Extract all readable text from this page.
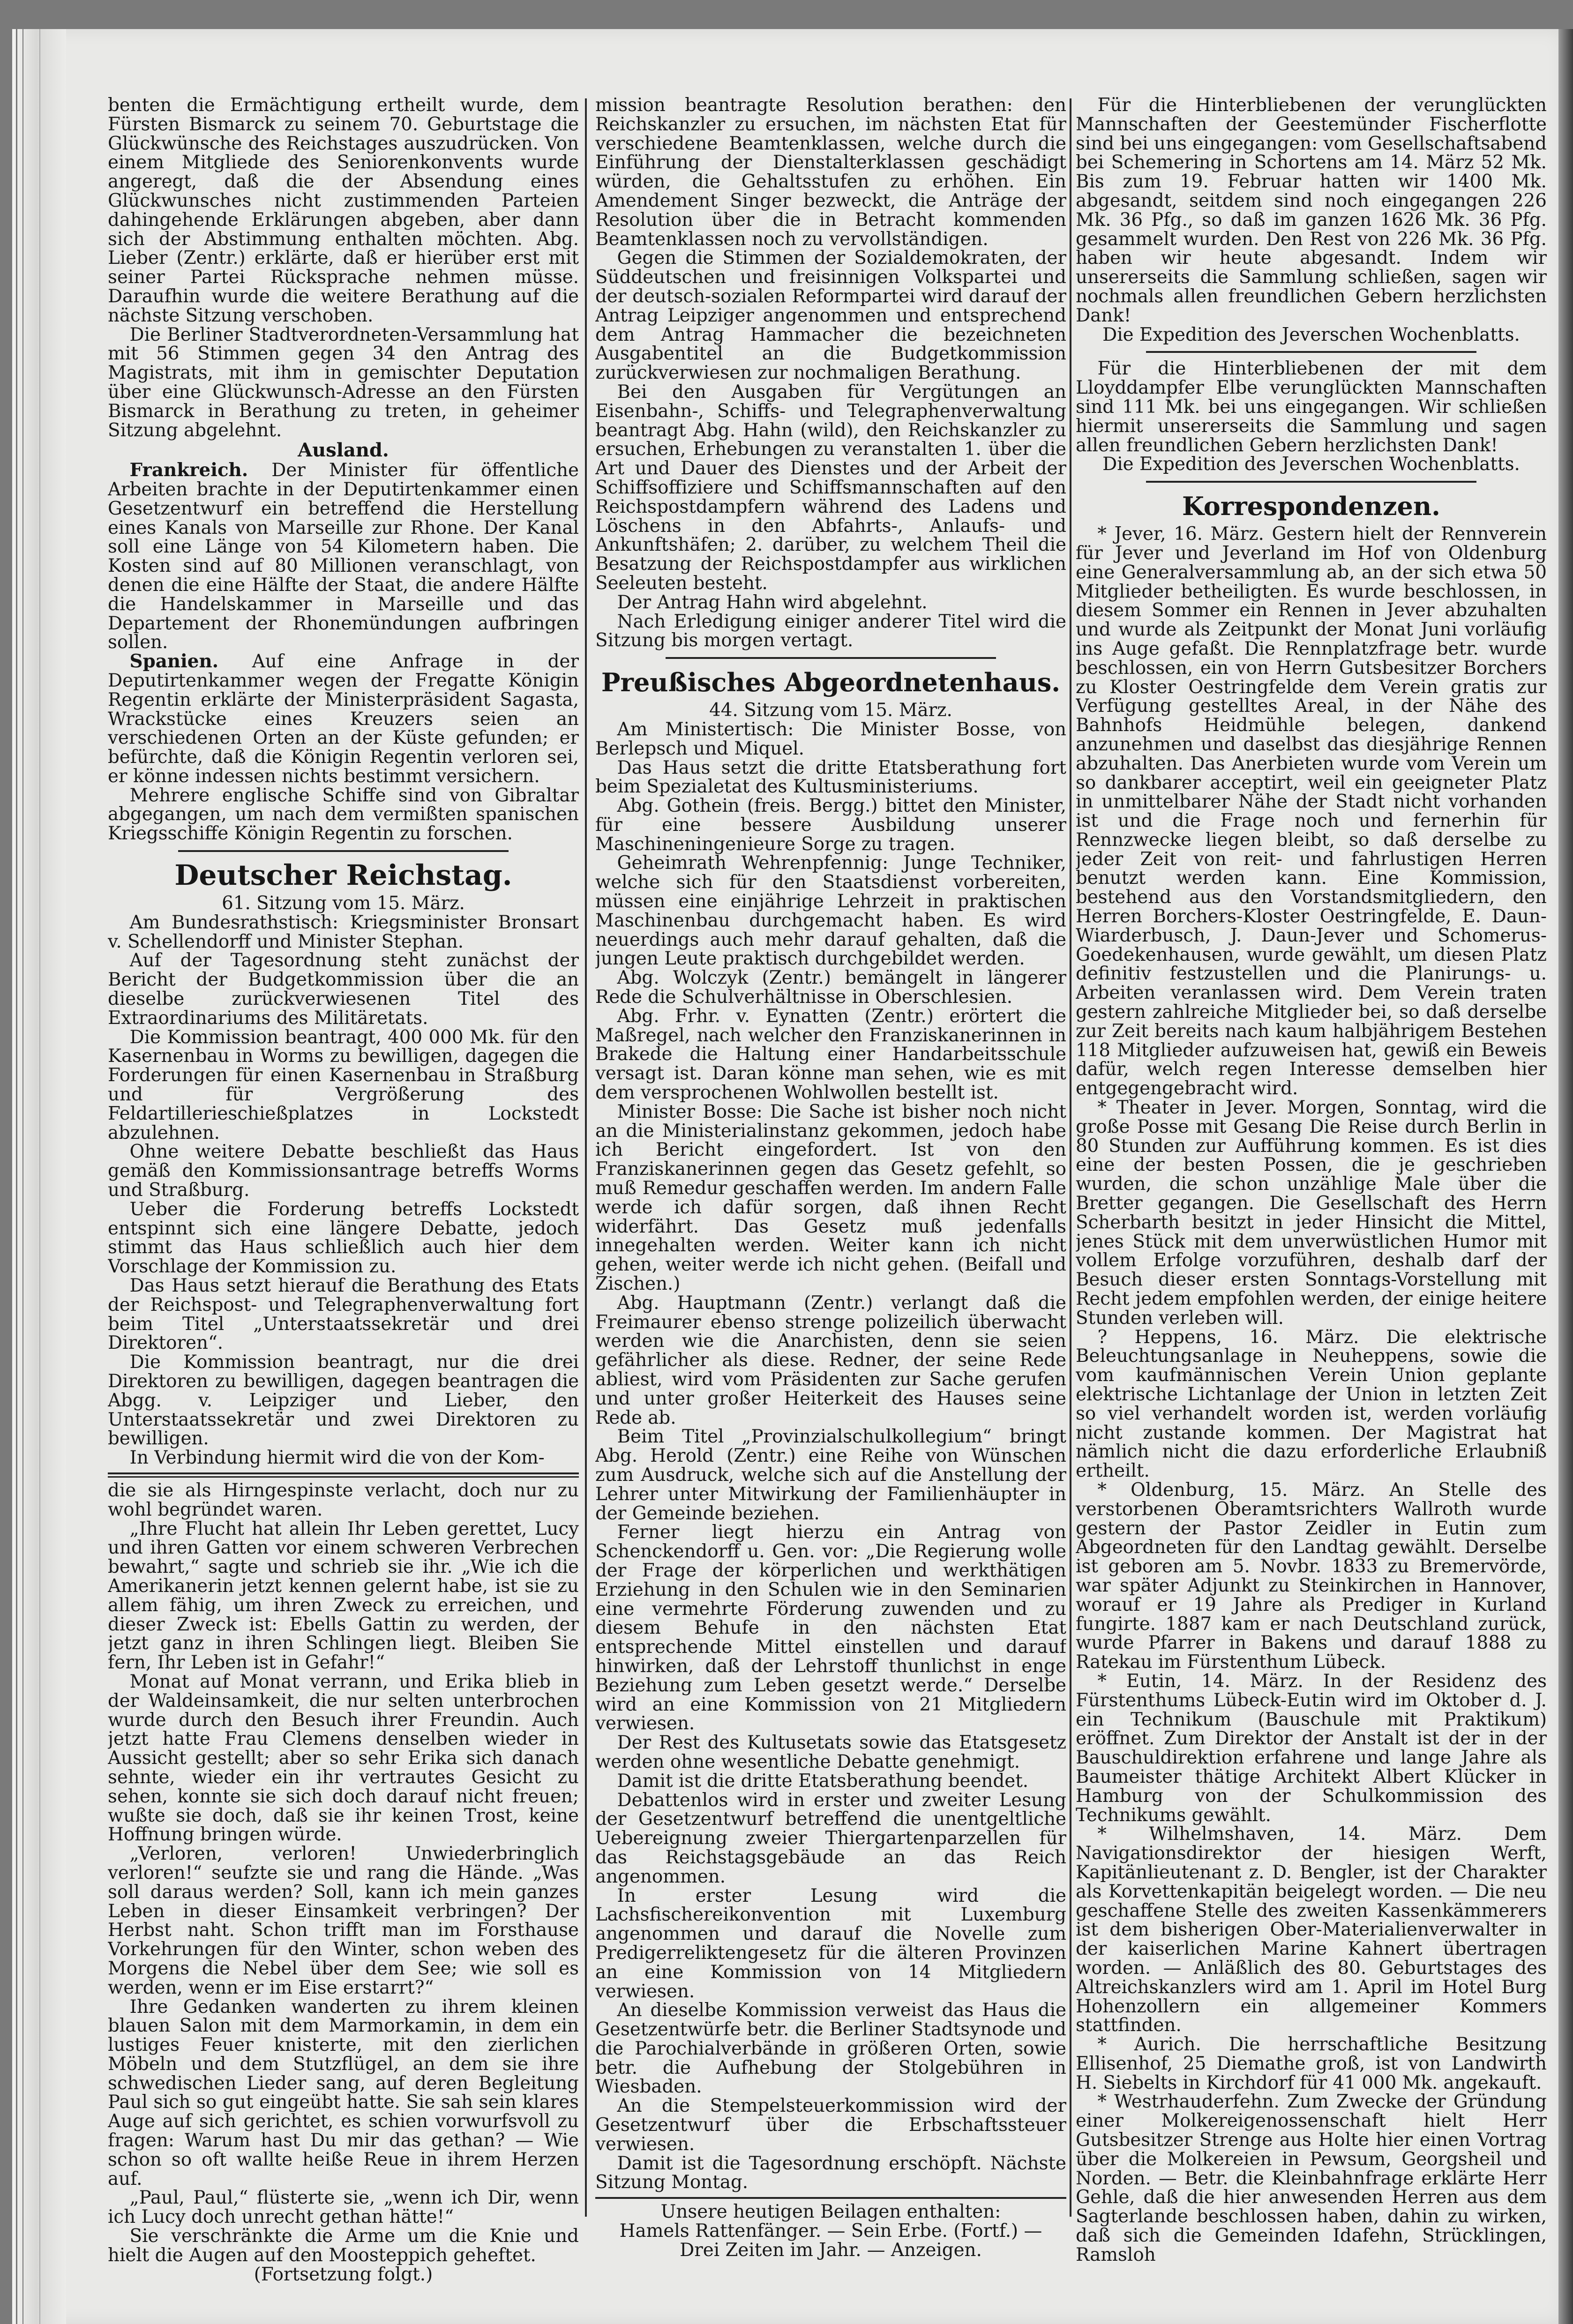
benten die Ermächtigung ertheilt wurde, dem Fürsten Bismarck zu seinem 70. Geburtstage die Glückwünsche des Reichstages auszudrücken. Von einem Mitgliede des Seniorenkonvents wurde angeregt, daß die der Absendung eines Glückwunsches nicht zustimmenden Parteien dahingehende Erklärungen abgeben, aber dann sich der Abstimmung enthalten möchten. Abg. Lieber (Zentr.) erklärte, daß er hierüber erst mit seiner Partei Rücksprache nehmen müsse. Daraufhin wurde die weitere Berathung auf die nächste Sitzung verschoben.

Die Berliner Stadtverordneten-Versammlung hat mit 56 Stimmen gegen 34 den Antrag des Magistrats, mit ihm in gemischter Deputation über eine Glückwunsch-Adresse an den Fürsten Bismarck in Berathung zu treten, in geheimer Sitzung abgelehnt.

Ausland.

Frankreich. Der Minister für öffentliche Arbeiten brachte in der Deputirtenkammer einen Gesetzentwurf ein betreffend die Herstellung eines Kanals von Marseille zur Rhone. Der Kanal soll eine Länge von 54 Kilometern haben. Die Kosten sind auf 80 Millionen veranschlagt, von denen die eine Hälfte der Staat, die andere Hälfte die Handelskammer in Marseille und das Departement der Rhonemündungen aufbringen sollen.

Spanien. Auf eine Anfrage in der Deputirtenkammer wegen der Fregatte Königin Regentin erklärte der Ministerpräsident Sagasta, Wrackstücke eines Kreuzers seien an verschiedenen Orten an der Küste gefunden; er befürchte, daß die Königin Regentin verloren sei, er könne indessen nichts bestimmt versichern.

Mehrere englische Schiffe sind von Gibraltar abgegangen, um nach dem vermißten spanischen Kriegsschiffe Königin Regentin zu forschen.

Deutscher Reichstag.

61. Sitzung vom 15. März.

Am Bundesrathstisch: Kriegsminister Bronsart v. Schellendorff und Minister Stephan.

Auf der Tagesordnung steht zunächst der Bericht der Budgetkommission über die an dieselbe zurückverwiesenen Titel des Extraordinariums des Militäretats.

Die Kommission beantragt, 400 000 Mk. für den Kasernenbau in Worms zu bewilligen, dagegen die Forderungen für einen Kasernenbau in Straßburg und für Vergrößerung des Feldartillerieschießplatzes in Lockstedt abzulehnen.

Ohne weitere Debatte beschließt das Haus gemäß den Kommissionsantrage betreffs Worms und Straßburg.

Ueber die Forderung betreffs Lockstedt entspinnt sich eine längere Debatte, jedoch stimmt das Haus schließlich auch hier dem Vorschlage der Kommission zu.

Das Haus setzt hierauf die Berathung des Etats der Reichspost- und Telegraphenverwaltung fort beim Titel „Unterstaatssekretär und drei Direktoren“.

Die Kommission beantragt, nur die drei Direktoren zu bewilligen, dagegen beantragen die Abgg. v. Leipziger und Lieber, den Unterstaatssekretär und zwei Direktoren zu bewilligen.

In Verbindung hiermit wird die von der Kom-

die sie als Hirngespinste verlacht, doch nur zu wohl begründet waren.

„Ihre Flucht hat allein Ihr Leben gerettet, Lucy und ihren Gatten vor einem schweren Verbrechen bewahrt,“ sagte und schrieb sie ihr. „Wie ich die Amerikanerin jetzt kennen gelernt habe, ist sie zu allem fähig, um ihren Zweck zu erreichen, und dieser Zweck ist: Ebells Gattin zu werden, der jetzt ganz in ihren Schlingen liegt. Bleiben Sie fern, Ihr Leben ist in Gefahr!“

Monat auf Monat verrann, und Erika blieb in der Waldeinsamkeit, die nur selten unterbrochen wurde durch den Besuch ihrer Freundin. Auch jetzt hatte Frau Clemens denselben wieder in Aussicht gestellt; aber so sehr Erika sich danach sehnte, wieder ein ihr vertrautes Gesicht zu sehen, konnte sie sich doch darauf nicht freuen; wußte sie doch, daß sie ihr keinen Trost, keine Hoffnung bringen würde.

„Verloren, verloren! Unwiederbringlich verloren!“ seufzte sie und rang die Hände. „Was soll daraus werden? Soll, kann ich mein ganzes Leben in dieser Einsamkeit verbringen? Der Herbst naht. Schon trifft man im Forsthause Vorkehrungen für den Winter, schon weben des Morgens die Nebel über dem See; wie soll es werden, wenn er im Eise erstarrt?“

Ihre Gedanken wanderten zu ihrem kleinen blauen Salon mit dem Marmorkamin, in dem ein lustiges Feuer knisterte, mit den zierlichen Möbeln und dem Stutzflügel, an dem sie ihre schwedischen Lieder sang, auf deren Begleitung Paul sich so gut eingeübt hatte. Sie sah sein klares Auge auf sich gerichtet, es schien vorwurfsvoll zu fragen: Warum hast Du mir das gethan? — Wie schon so oft wallte heiße Reue in ihrem Herzen auf.

„Paul, Paul,“ flüsterte sie, „wenn ich Dir, wenn ich Lucy doch unrecht gethan hätte!“

Sie verschränkte die Arme um die Knie und hielt die Augen auf den Moosteppich geheftet.

(Fortsetzung folgt.)

mission beantragte Resolution berathen: den Reichskanzler zu ersuchen, im nächsten Etat für verschiedene Beamtenklassen, welche durch die Einführung der Dienstalterklassen geschädigt würden, die Gehaltsstufen zu erhöhen. Ein Amendement Singer bezweckt, die Anträge der Resolution über die in Betracht kommenden Beamtenklassen noch zu vervollständigen.

Gegen die Stimmen der Sozialdemokraten, der Süddeutschen und freisinnigen Volkspartei und der deutsch-sozialen Reformpartei wird darauf der Antrag Leipziger angenommen und entsprechend dem Antrag Hammacher die bezeichneten Ausgabentitel an die Budgetkommission zurückverwiesen zur nochmaligen Berathung.

Bei den Ausgaben für Vergütungen an Eisenbahn-, Schiffs- und Telegraphenverwaltung beantragt Abg. Hahn (wild), den Reichskanzler zu ersuchen, Erhebungen zu veranstalten 1. über die Art und Dauer des Dienstes und der Arbeit der Schiffsoffiziere und Schiffsmannschaften auf den Reichspostdampfern während des Ladens und Löschens in den Abfahrts-, Anlaufs- und Ankunftshäfen; 2. darüber, zu welchem Theil die Besatzung der Reichspostdampfer aus wirklichen Seeleuten besteht.

Der Antrag Hahn wird abgelehnt.

Nach Erledigung einiger anderer Titel wird die Sitzung bis morgen vertagt.

Preußisches Abgeordnetenhaus.

44. Sitzung vom 15. März.

Am Ministertisch: Die Minister Bosse, von Berlepsch und Miquel.

Das Haus setzt die dritte Etatsberathung fort beim Spezialetat des Kultusministeriums.

Abg. Gothein (freis. Bergg.) bittet den Minister, für eine bessere Ausbildung unserer Maschineningenieure Sorge zu tragen.

Geheimrath Wehrenpfennig: Junge Techniker, welche sich für den Staatsdienst vorbereiten, müssen eine einjährige Lehrzeit in praktischen Maschinenbau durchgemacht haben. Es wird neuerdings auch mehr darauf gehalten, daß die jungen Leute praktisch durchgebildet werden.

Abg. Wolczyk (Zentr.) bemängelt in längerer Rede die Schulverhältnisse in Oberschlesien.

Abg. Frhr. v. Eynatten (Zentr.) erörtert die Maßregel, nach welcher den Franziskanerinnen in Brakede die Haltung einer Handarbeitsschule versagt ist. Daran könne man sehen, wie es mit dem versprochenen Wohlwollen bestellt ist.

Minister Bosse: Die Sache ist bisher noch nicht an die Ministerialinstanz gekommen, jedoch habe ich Bericht eingefordert. Ist von den Franziskanerinnen gegen das Gesetz gefehlt, so muß Remedur geschaffen werden. Im andern Falle werde ich dafür sorgen, daß ihnen Recht widerfährt. Das Gesetz muß jedenfalls innegehalten werden. Weiter kann ich nicht gehen, weiter werde ich nicht gehen. (Beifall und Zischen.)

Abg. Hauptmann (Zentr.) verlangt daß die Freimaurer ebenso strenge polizeilich überwacht werden wie die Anarchisten, denn sie seien gefährlicher als diese. Redner, der seine Rede abliest, wird vom Präsidenten zur Sache gerufen und unter großer Heiterkeit des Hauses seine Rede ab.

Beim Titel „Provinzialschulkollegium“ bringt Abg. Herold (Zentr.) eine Reihe von Wünschen zum Ausdruck, welche sich auf die Anstellung der Lehrer unter Mitwirkung der Familienhäupter in der Gemeinde beziehen.

Ferner liegt hierzu ein Antrag von Schenckendorff u. Gen. vor: „Die Regierung wolle der Frage der körperlichen und werkthätigen Erziehung in den Schulen wie in den Seminarien eine vermehrte Förderung zuwenden und zu diesem Behufe in den nächsten Etat entsprechende Mittel einstellen und darauf hinwirken, daß der Lehrstoff thunlichst in enge Beziehung zum Leben gesetzt werde.“ Derselbe wird an eine Kommission von 21 Mitgliedern verwiesen.

Der Rest des Kultusetats sowie das Etatsgesetz werden ohne wesentliche Debatte genehmigt.

Damit ist die dritte Etatsberathung beendet.

Debattenlos wird in erster und zweiter Lesung der Gesetzentwurf betreffend die unentgeltliche Uebereignung zweier Thiergartenparzellen für das Reichstagsgebäude an das Reich angenommen.

In erster Lesung wird die Lachsfischereikonvention mit Luxemburg angenommen und darauf die Novelle zum Predigerreliktengesetz für die älteren Provinzen an eine Kommission von 14 Mitgliedern verwiesen.

An dieselbe Kommission verweist das Haus die Gesetzentwürfe betr. die Berliner Stadtsynode und die Parochialverbände in größeren Orten, sowie betr. die Aufhebung der Stolgebühren in Wiesbaden.

An die Stempelsteuerkommission wird der Gesetzentwurf über die Erbschaftssteuer verwiesen.

Damit ist die Tagesordnung erschöpft. Nächste Sitzung Montag.

Unsere heutigen Beilagen enthalten:

Hamels Rattenfänger. — Sein Erbe. (Fortf.) —

Drei Zeiten im Jahr. — Anzeigen.

Für die Hinterbliebenen der verunglückten Mannschaften der Geestemünder Fischerflotte sind bei uns eingegangen: vom Gesellschaftsabend bei Schemering in Schortens am 14. März 52 Mk. Bis zum 19. Februar hatten wir 1400 Mk. abgesandt, seitdem sind noch eingegangen 226 Mk. 36 Pfg., so daß im ganzen 1626 Mk. 36 Pfg. gesammelt wurden. Den Rest von 226 Mk. 36 Pfg. haben wir heute abgesandt. Indem wir unsererseits die Sammlung schließen, sagen wir nochmals allen freundlichen Gebern herzlichsten Dank!

Die Expedition des Jeverschen Wochenblatts.

Für die Hinterbliebenen der mit dem Lloyddampfer Elbe verunglückten Mannschaften sind 111 Mk. bei uns eingegangen. Wir schließen hiermit unsererseits die Sammlung und sagen allen freundlichen Gebern herzlichsten Dank!

Die Expedition des Jeverschen Wochenblatts.

Korrespondenzen.

* Jever, 16. März. Gestern hielt der Rennverein für Jever und Jeverland im Hof von Oldenburg eine Generalversammlung ab, an der sich etwa 50 Mitglieder betheiligten. Es wurde beschlossen, in diesem Sommer ein Rennen in Jever abzuhalten und wurde als Zeitpunkt der Monat Juni vorläufig ins Auge gefaßt. Die Rennplatzfrage betr. wurde beschlossen, ein von Herrn Gutsbesitzer Borchers zu Kloster Oestringfelde dem Verein gratis zur Verfügung gestelltes Areal, in der Nähe des Bahnhofs Heidmühle belegen, dankend anzunehmen und daselbst das diesjährige Rennen abzuhalten. Das Anerbieten wurde vom Verein um so dankbarer acceptirt, weil ein geeigneter Platz in unmittelbarer Nähe der Stadt nicht vorhanden ist und die Frage noch und fernerhin für Rennzwecke liegen bleibt, so daß derselbe zu jeder Zeit von reit- und fahrlustigen Herren benutzt werden kann. Eine Kommission, bestehend aus den Vorstandsmitgliedern, den Herren Borchers-Kloster Oestringfelde, E. Daun-Wiarderbusch, J. Daun-Jever und Schomerus-Goedekenhausen, wurde gewählt, um diesen Platz definitiv festzustellen und die Planirungs- u. Arbeiten veranlassen wird. Dem Verein traten gestern zahlreiche Mitglieder bei, so daß derselbe zur Zeit bereits nach kaum halbjährigem Bestehen 118 Mitglieder aufzuweisen hat, gewiß ein Beweis dafür, welch regen Interesse demselben hier entgegengebracht wird.

* Theater in Jever. Morgen, Sonntag, wird die große Posse mit Gesang Die Reise durch Berlin in 80 Stunden zur Aufführung kommen. Es ist dies eine der besten Possen, die je geschrieben wurden, die schon unzählige Male über die Bretter gegangen. Die Gesellschaft des Herrn Scherbarth besitzt in jeder Hinsicht die Mittel, jenes Stück mit dem unverwüstlichen Humor mit vollem Erfolge vorzuführen, deshalb darf der Besuch dieser ersten Sonntags-Vorstellung mit Recht jedem empfohlen werden, der einige heitere Stunden verleben will.

? Heppens, 16. März. Die elektrische Beleuchtungsanlage in Neuheppens, sowie die vom kaufmännischen Verein Union geplante elektrische Lichtanlage der Union in letzten Zeit so viel verhandelt worden ist, werden vorläufig nicht zustande kommen. Der Magistrat hat nämlich nicht die dazu erforderliche Erlaubniß ertheilt.

* Oldenburg, 15. März. An Stelle des verstorbenen Oberamtsrichters Wallroth wurde gestern der Pastor Zeidler in Eutin zum Abgeordneten für den Landtag gewählt. Derselbe ist geboren am 5. Novbr. 1833 zu Bremervörde, war später Adjunkt zu Steinkirchen in Hannover, worauf er 19 Jahre als Prediger in Kurland fungirte. 1887 kam er nach Deutschland zurück, wurde Pfarrer in Bakens und darauf 1888 zu Ratekau im Fürstenthum Lübeck.

* Eutin, 14. März. In der Residenz des Fürstenthums Lübeck-Eutin wird im Oktober d. J. ein Technikum (Bauschule mit Praktikum) eröffnet. Zum Direktor der Anstalt ist der in der Bauschuldirektion erfahrene und lange Jahre als Baumeister thätige Architekt Albert Klücker in Hamburg von der Schulkommission des Technikums gewählt.

* Wilhelmshaven, 14. März. Dem Navigationsdirektor der hiesigen Werft, Kapitänlieutenant z. D. Bengler, ist der Charakter als Korvettenkapitän beigelegt worden. — Die neu geschaffene Stelle des zweiten Kassenkämmerers ist dem bisherigen Ober-Materialienverwalter in der kaiserlichen Marine Kahnert übertragen worden. — Anläßlich des 80. Geburtstages des Altreichskanzlers wird am 1. April im Hotel Burg Hohenzollern ein allgemeiner Kommers stattfinden.

* Aurich. Die herrschaftliche Besitzung Ellisenhof, 25 Diemathe groß, ist von Landwirth H. Siebelts in Kirchdorf für 41 000 Mk. angekauft.

* Westrhauderfehn. Zum Zwecke der Gründung einer Molkereigenossenschaft hielt Herr Gutsbesitzer Strenge aus Holte hier einen Vortrag über die Molkereien in Pewsum, Georgsheil und Norden. — Betr. die Kleinbahnfrage erklärte Herr Gehle, daß die hier anwesenden Herren aus dem Sagterlande beschlossen haben, dahin zu wirken, daß sich die Gemeinden Idafehn, Strücklingen, Ramsloh
